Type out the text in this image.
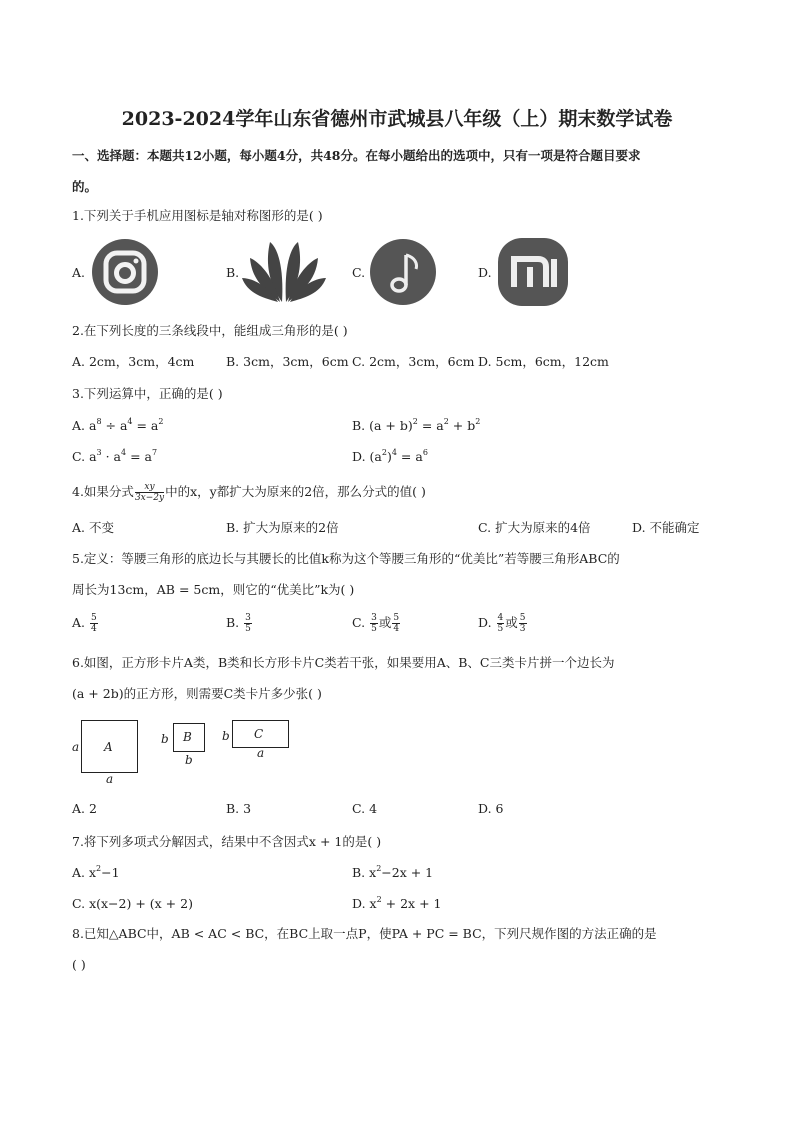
2023-2024学年山东省德州市武城县八年级（上）期末数学试卷
一、选择题：本题共12小题，每小题4分，共48分。在每小题给出的选项中，只有一项是符合题目要求
的。
1.下列关于手机应用图标是轴对称图形的是( )
A.	B.	C.	D.
2.在下列长度的三条线段中，能组成三角形的是( )
A. 2cm，3cm，4cm	B. 3cm，3cm，6cm C. 2cm，3cm，6cm D. 5cm，6cm，12cm
3.下列运算中，正确的是( )
A. $a^8 \div a^4 = a^2$	B. $(a + b)^2 = a^2 + b^2$
C. $a^3 \cdot a^4 = a^7$	D. $(a^2)^4 = a^6$
4.如果分式 $\frac{xy}{3x-2y}$ 中的x，y都扩大为原来的2倍，那么分式的值( )
A. 不变	B. 扩大为原来的2倍	C. 扩大为原来的4倍	D. 不能确定
5.定义：等腰三角形的底边长与其腰长的比值k称为这个等腰三角形的“优美比”若等腰三角形ABC的
周长为13cm，AB = 5cm，则它的“优美比”k为( )
A. $\frac{5}{4}$	B. $\frac{3}{5}$	C. $\frac{3}{5}$ 或 $\frac{5}{4}$	D. $\frac{4}{5}$ 或 $\frac{5}{3}$
6.如图，正方形卡片A类，B类和长方形卡片C类若干张，如果要用A、B、C三类卡片拼一个边长为
(a + 2b)的正方形，则需要C类卡片多少张( )
a A
a
b B
b
b C
a
A. 2	B. 3	C. 4	D. 6
7.将下列多项式分解因式，结果中不含因式x + 1的是( )
A. $x^2-1$	B. $x^2-2x + 1$
C. x(x−2) + (x + 2)	D. $x^2 + 2x + 1$
8.已知△ABC中，AB < AC < BC，在BC上取一点P，使PA + PC = BC，下列尺规作图的方法正确的是
( )
